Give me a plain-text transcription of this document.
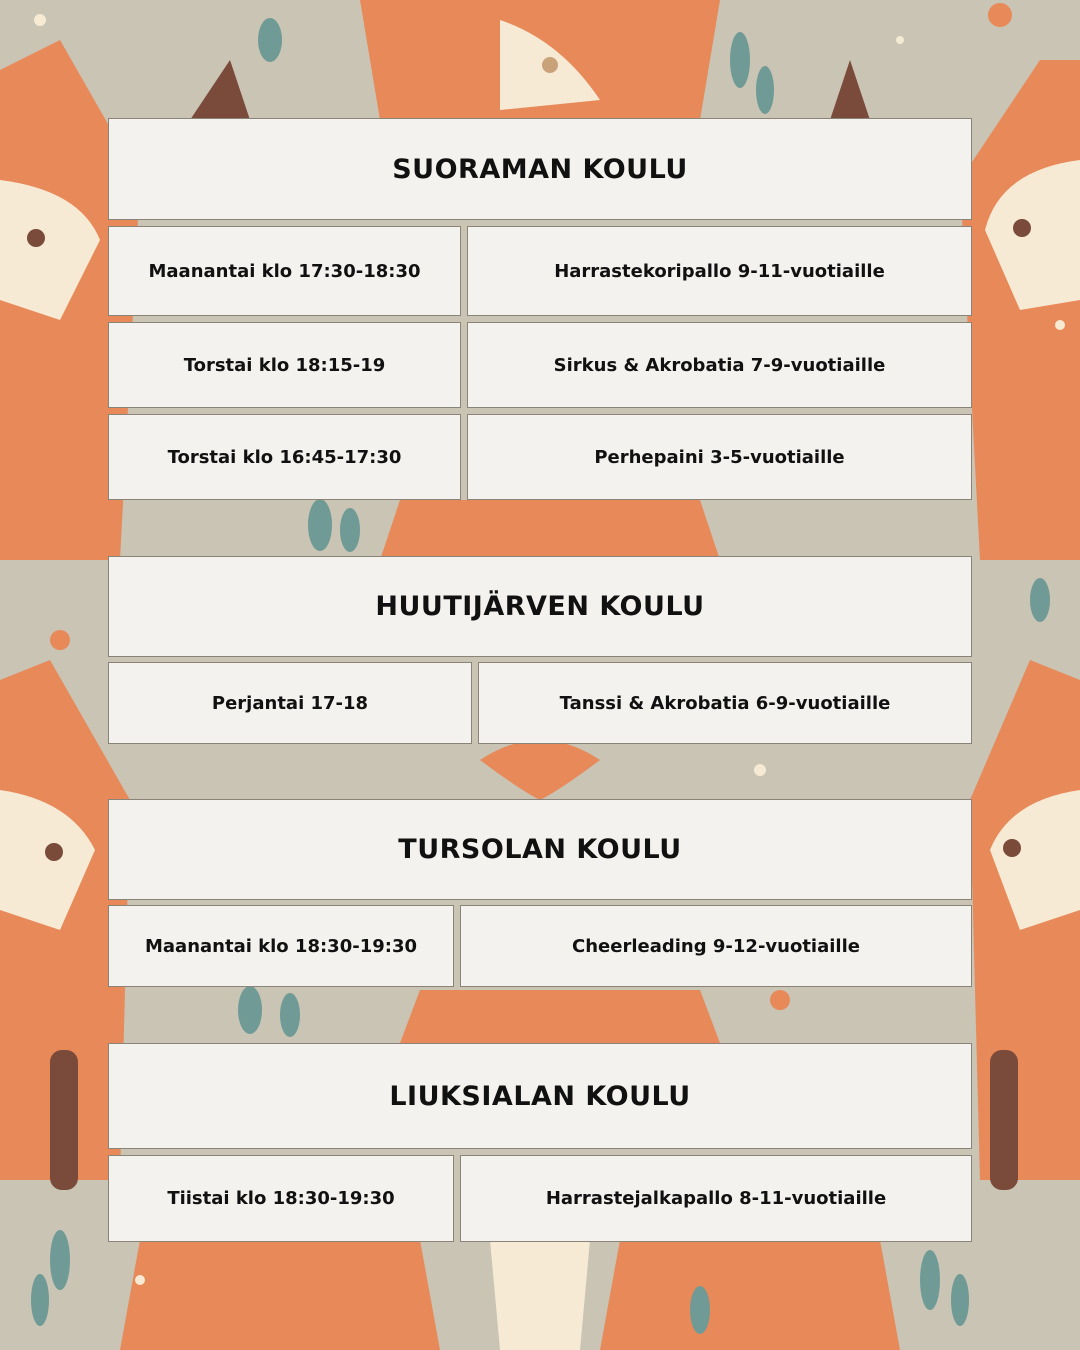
SUORAMAN KOULU
Maanantai klo 17:30-18:30	Harrastekoripallo 9-11-vuotiaille
Torstai klo 18:15-19	Sirkus & Akrobatia 7-9-vuotiaille
Torstai klo 16:45-17:30	Perhepaini 3-5-vuotiaille
HUUTIJÄRVEN KOULU
Perjantai 17-18	Tanssi & Akrobatia 6-9-vuotiaille
TURSOLAN KOULU
Maanantai klo 18:30-19:30	Cheerleading 9-12-vuotiaille
LIUKSIALAN KOULU
Tiistai klo 18:30-19:30	Harrastejalkapallo 8-11-vuotiaille
